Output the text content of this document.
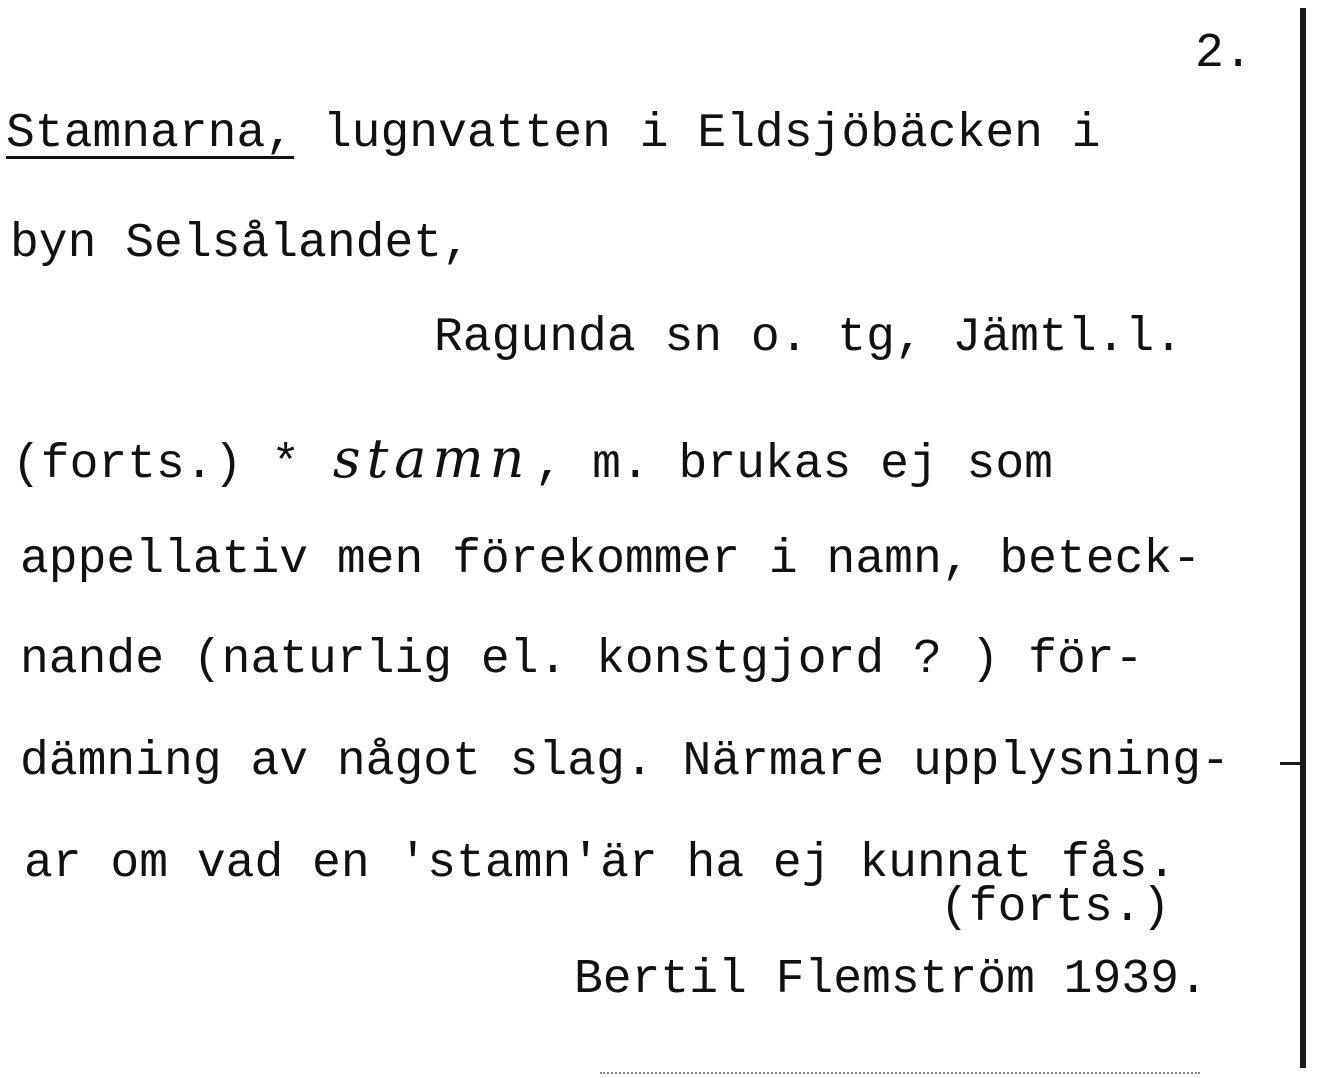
2.
Stamnarna, lugnvatten i Eldsjöbäcken i
byn Selsålandet,
Ragunda sn o. tg, Jämtl.l.
(forts.) * stamn, m. brukas ej som
appellativ men förekommer i namn, beteck-
nande (naturlig el. konstgjord ? ) för-
dämning av något slag. Närmare upplysning-
ar om vad en 'stamn'är ha ej kunnat fås.
(forts.)
Bertil Flemström 1939.
